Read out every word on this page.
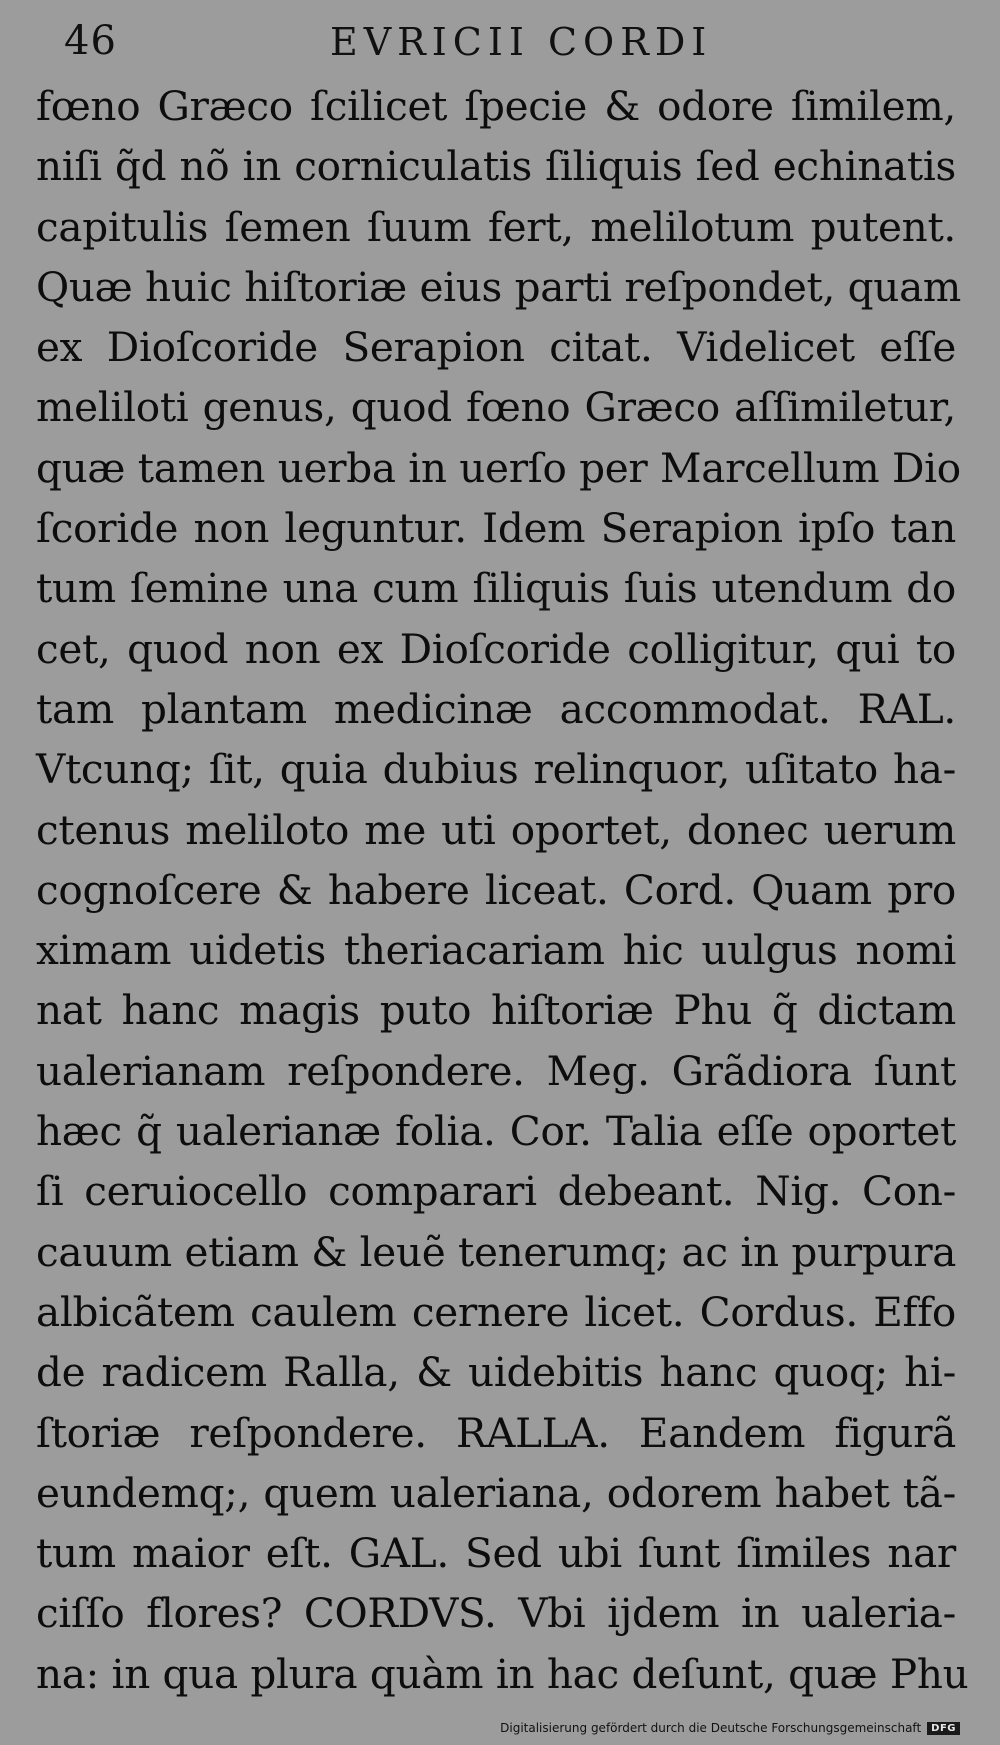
46	EVRICII CORDI
fœno Græco ſcilicet ſpecie & odore ſimilem,
niſi q̃d nõ in corniculatis ſiliquis ſed echinatis
capitulis ſemen ſuum fert, melilotum putent.
Quæ huic hiſtoriæ eius parti reſpondet, quam
ex Dioſcoride Serapion citat. Videlicet eſſe
meliloti genus, quod fœno Græco aſſimiletur,
quæ tamen uerba in uerſo per Marcellum Dio
ſcoride non leguntur. Idem Serapion ipſo tan
tum ſemine una cum ſiliquis ſuis utendum do
cet, quod non ex Dioſcoride colligitur, qui to
tam plantam medicinæ accommodat. RAL.
Vtcunq; ſit, quia dubius relinquor, uſitato ha-
ctenus meliloto me uti oportet, donec uerum
cognoſcere & habere liceat. Cord. Quam pro
ximam uidetis theriacariam hic uulgus nomi
nat hanc magis puto hiſtoriæ Phu q̃ dictam
ualerianam reſpondere. Meg. Grãdiora ſunt
hæc q̃ ualerianæ folia. Cor. Talia eſſe oportet
ſi ceruiocello comparari debeant. Nig. Con-
cauum etiam & leuẽ tenerumq; ac in purpura
albicãtem caulem cernere licet. Cordus. Effo
de radicem Ralla, & uidebitis hanc quoq; hi-
ſtoriæ reſpondere. RALLA. Eandem figurã
eundemq;, quem ualeriana, odorem habet tã-
tum maior eſt. GAL. Sed ubi ſunt ſimiles nar
ciſſo flores? CORDVS. Vbi ijdem in ualeria-
na: in qua plura quàm in hac deſunt, quæ Phu
Digitalisierung gefördert durch die Deutsche Forschungsgemeinschaft	DFG
